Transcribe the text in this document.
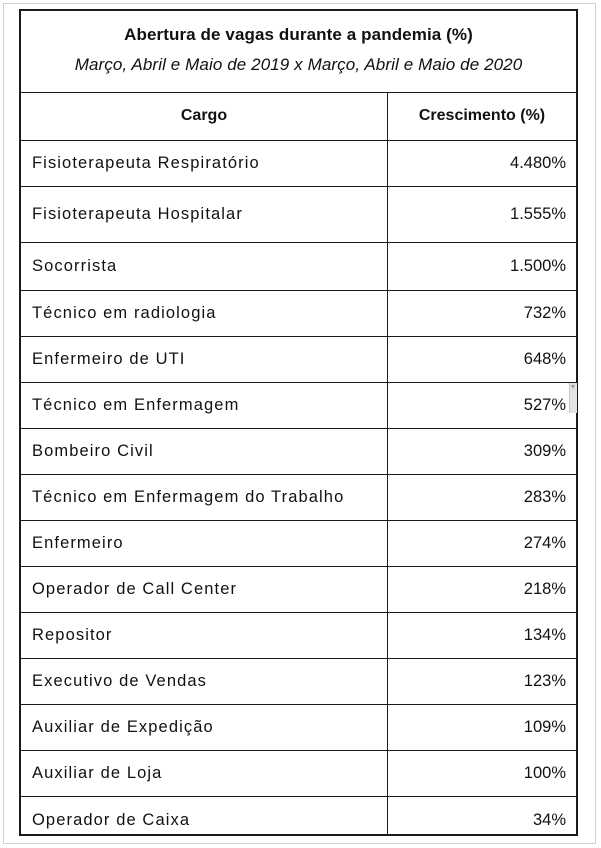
Abertura de vagas durante a pandemia (%)
Março, Abril e Maio de 2019 x Março, Abril e Maio de 2020
Cargo	Crescimento (%)
Fisioterapeuta Respiratório	4.480%
Fisioterapeuta Hospitalar	1.555%
Socorrista	1.500%
Técnico em radiologia	732%
Enfermeiro de UTI	648%
Técnico em Enfermagem	527%
Bombeiro Civil	309%
Técnico em Enfermagem do Trabalho	283%
Enfermeiro	274%
Operador de Call Center	218%
Repositor	134%
Executivo de Vendas	123%
Auxiliar de Expedição	109%
Auxiliar de Loja	100%
Operador de Caixa	34%
